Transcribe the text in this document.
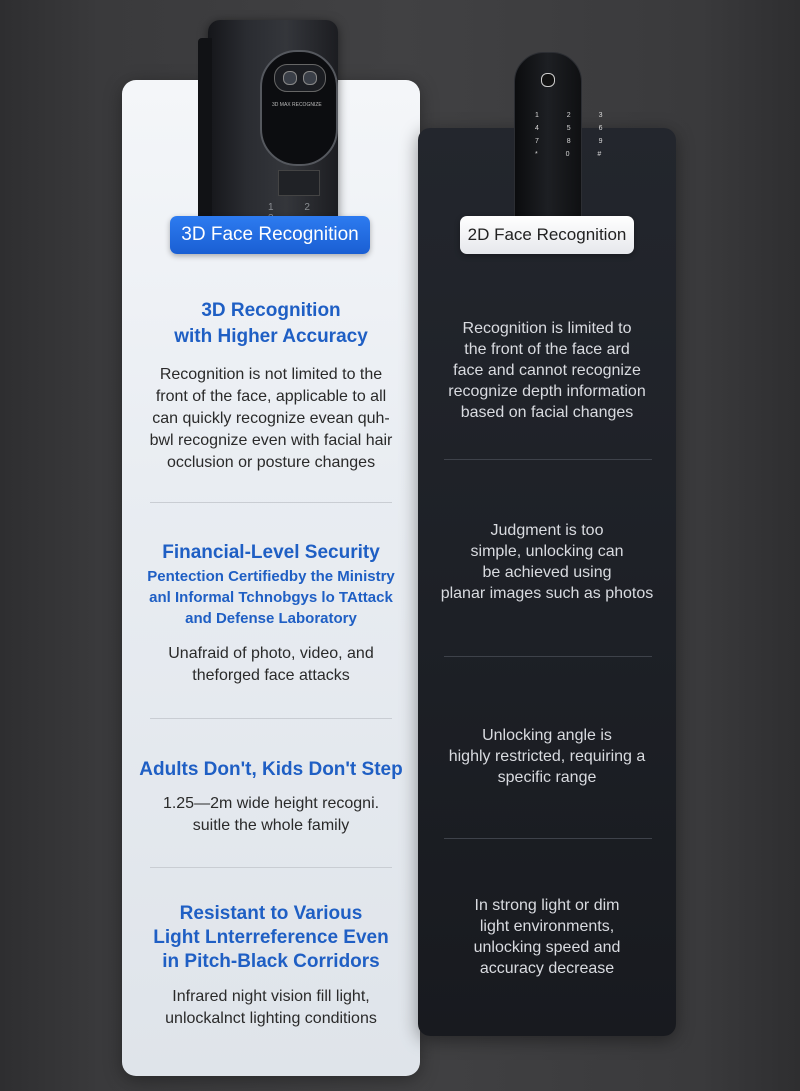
3D MAX RECOGNIZE
1 2
1  2  3
4  5
7  8
*  0
3D Face Recognition	2D Face Recognition
3D Recognition
with Higher Accuracy
Recognition is not limited to the
front of the face, applicable to all
can quickly recognize evean quh-
bwl recognize even with facial hair
occlusion or posture changes
Financial-Level Security
Pentection Certifiedby the Ministry
anl Informal Tchnobgys lo TAttack
and Defense Laboratory
Unafraid of photo, video, and
theforged face attacks
Adults Don't, Kids Don't Step
1.25—2m wide height recogni.
suitle the whole family
Resistant to Various
Light Lnterreference Even
in Pitch-Black Corridors
Infrared night vision fill light,
unlockalnct lighting conditions
Recognition is limited to
the front of the face ard
face and cannot recognize
recognize depth information
based on facial changes
Judgment is too
simple, unlocking can
be achieved using
planar images such as photos
Unlocking angle is
highly restricted, requiring a
specific range
In strong light or dim
light environments,
unlocking speed and
accuracy decrease
